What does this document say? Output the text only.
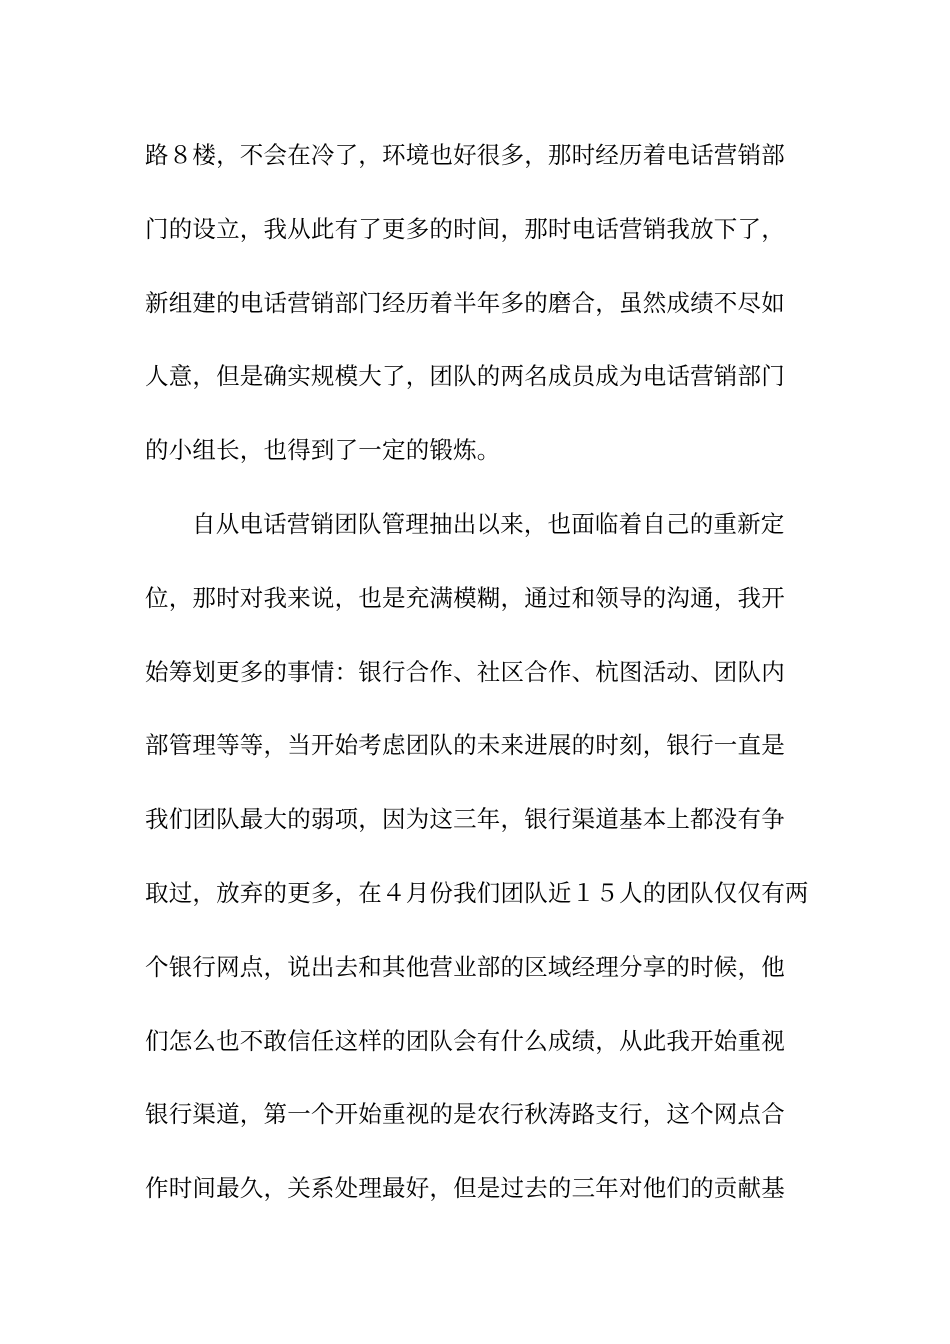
路８楼，不会在冷了，环境也好很多，那时经历着电话营销部
门的设立，我从此有了更多的时间，那时电话营销我放下了，
新组建的电话营销部门经历着半年多的磨合，虽然成绩不尽如
人意，但是确实规模大了，团队的两名成员成为电话营销部门
的小组长，也得到了一定的锻炼。
自从电话营销团队管理抽出以来，也面临着自己的重新定
位，那时对我来说，也是充满模糊，通过和领导的沟通，我开
始筹划更多的事情：银行合作、社区合作、杭图活动、团队内
部管理等等，当开始考虑团队的未来进展的时刻，银行一直是
我们团队最大的弱项，因为这三年，银行渠道基本上都没有争
取过，放弃的更多，在４月份我们团队近１５人的团队仅仅有两
个银行网点，说出去和其他营业部的区域经理分享的时候，他
们怎么也不敢信任这样的团队会有什么成绩，从此我开始重视
银行渠道，第一个开始重视的是农行秋涛路支行，这个网点合
作时间最久，关系处理最好，但是过去的三年对他们的贡献基
